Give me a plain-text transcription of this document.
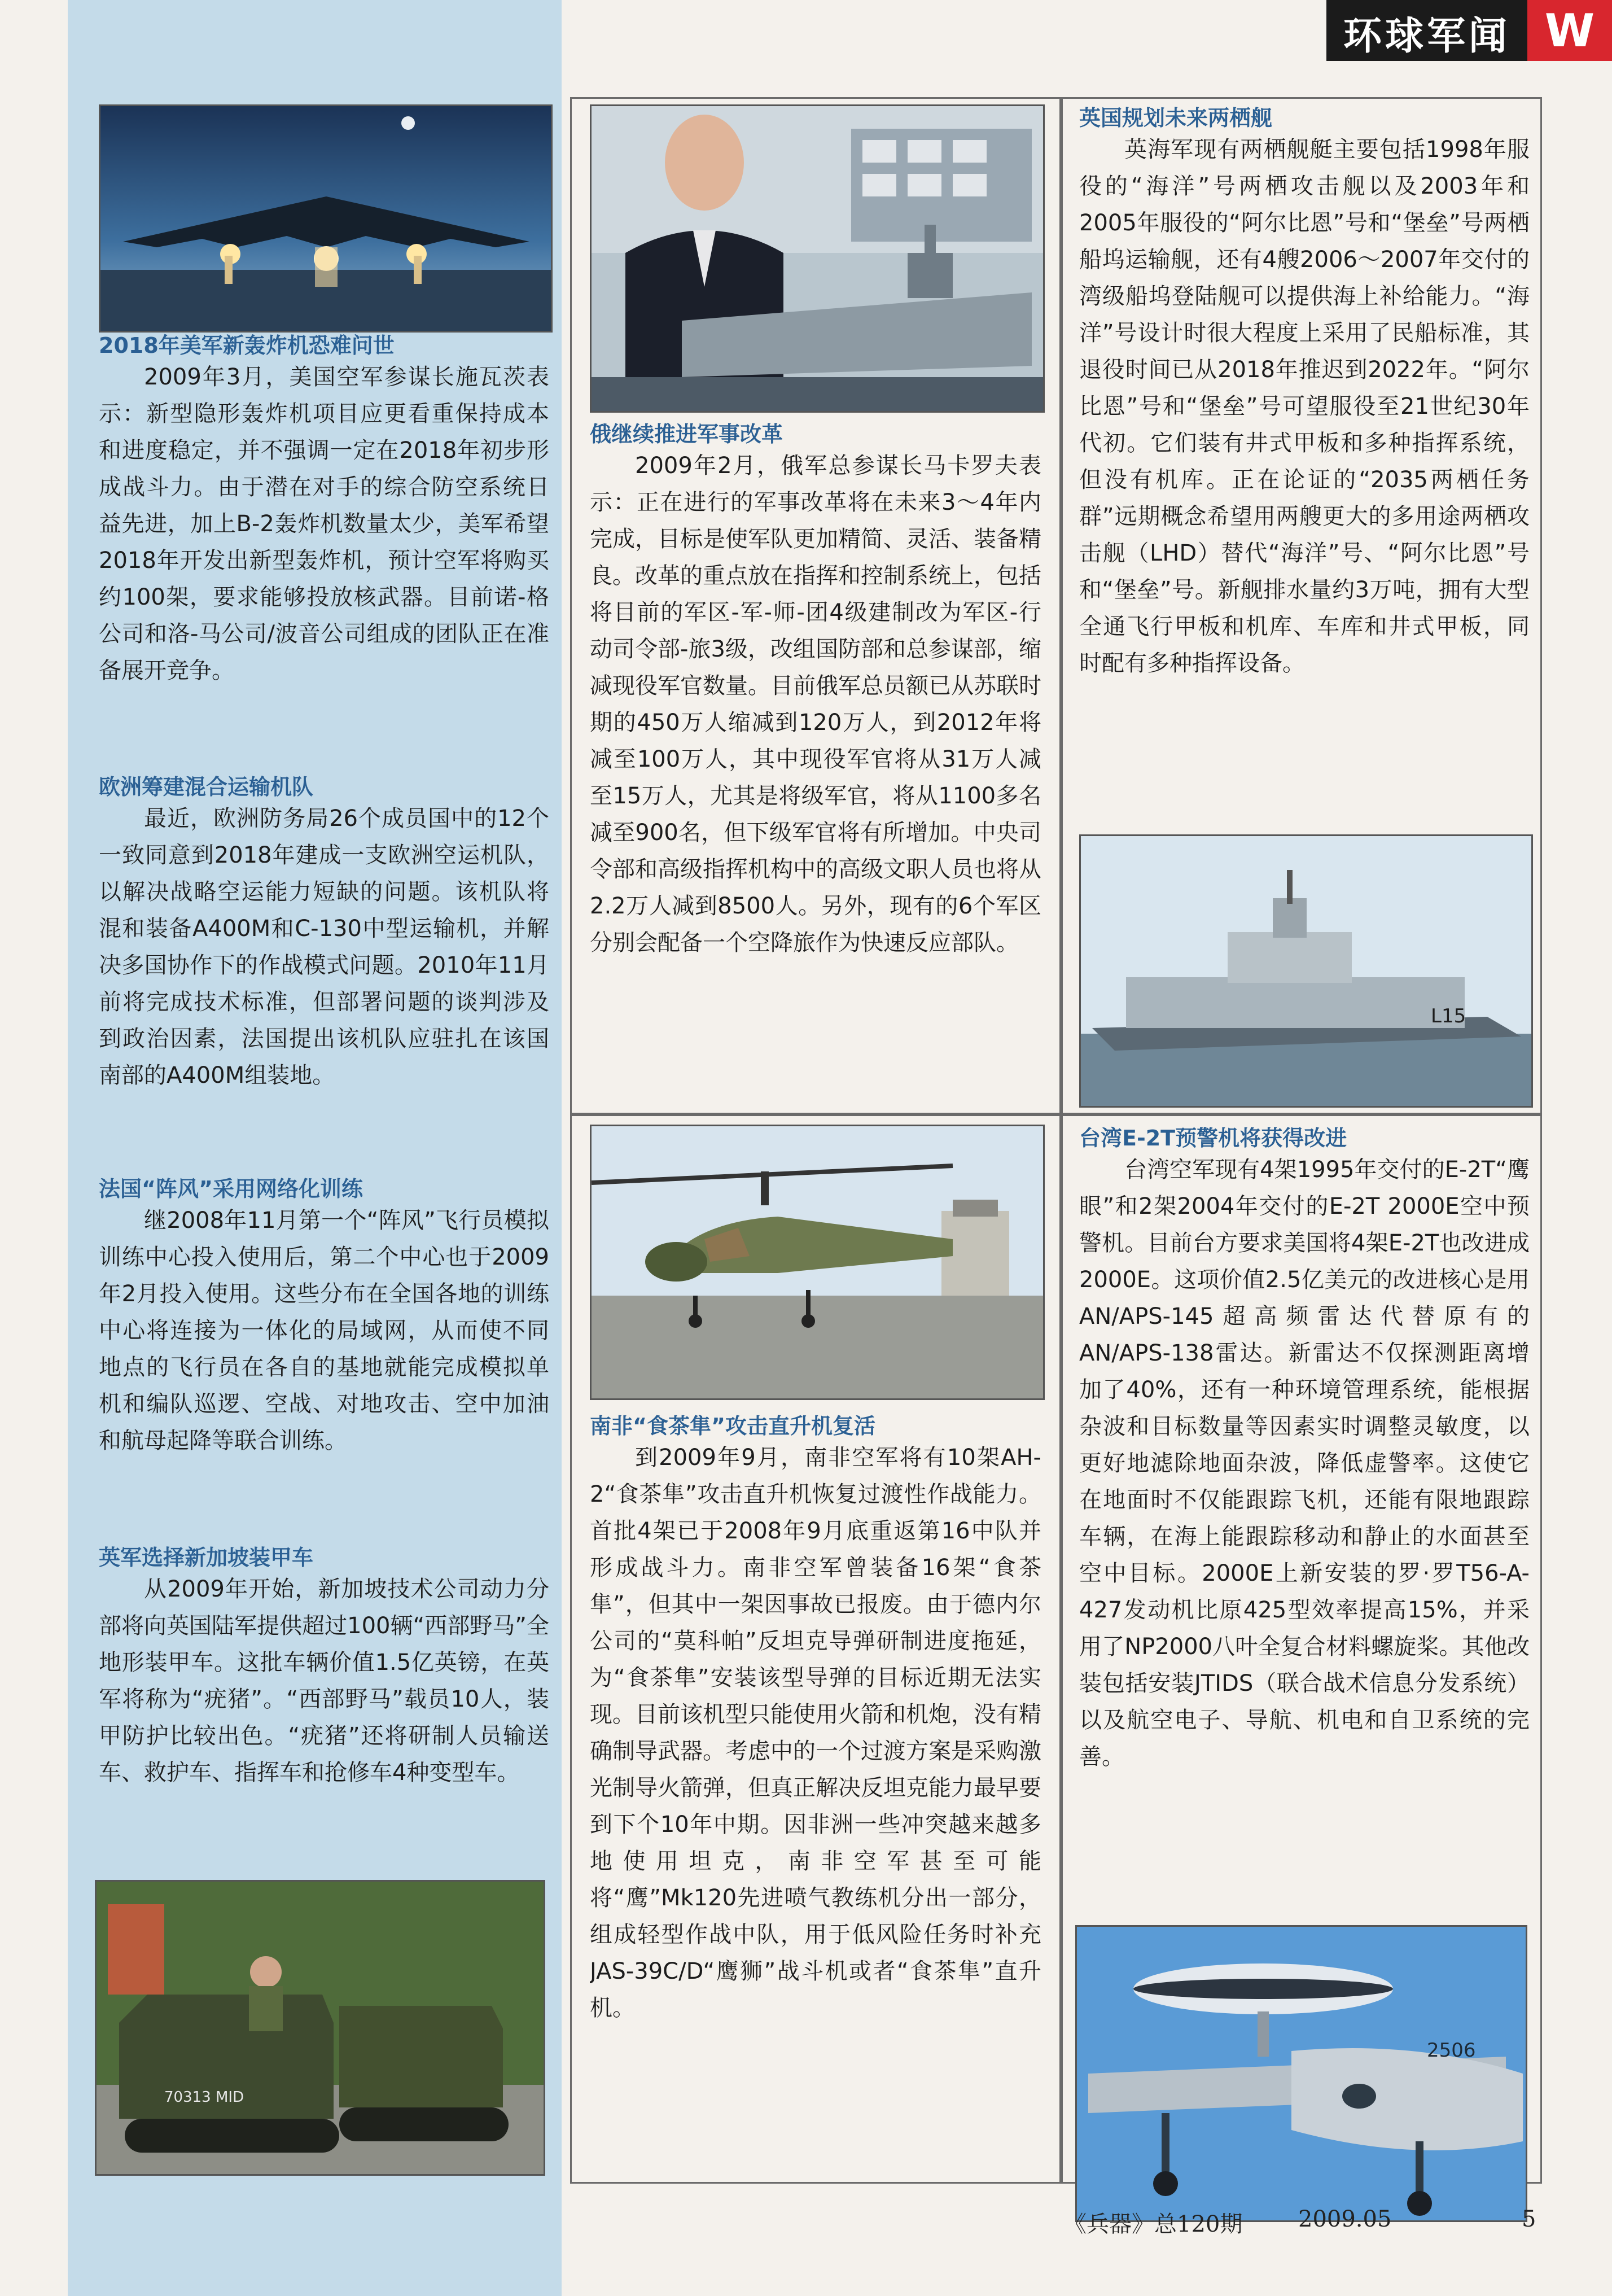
环球军闻 W
L15
70313 MID
2506
2018年美军新轰炸机恐难问世

2009年3月，美国空军参谋长施瓦茨表示：新型隐形轰炸机项目应更看重保持成本和进度稳定，并不强调一定在2018年初步形成战斗力。由于潜在对手的综合防空系统日益先进，加上B-2轰炸机数量太少，美军希望2018年开发出新型轰炸机，预计空军将购买约100架，要求能够投放核武器。目前诺-格公司和洛-马公司/波音公司组成的团队正在准备展开竞争。

欧洲筹建混合运输机队

最近，欧洲防务局26个成员国中的12个一致同意到2018年建成一支欧洲空运机队，以解决战略空运能力短缺的问题。该机队将混和装备A400M和C-130中型运输机，并解决多国协作下的作战模式问题。2010年11月前将完成技术标准，但部署问题的谈判涉及到政治因素，法国提出该机队应驻扎在该国南部的A400M组装地。

法国“阵风”采用网络化训练

继2008年11月第一个“阵风”飞行员模拟训练中心投入使用后，第二个中心也于2009年2月投入使用。这些分布在全国各地的训练中心将连接为一体化的局域网，从而使不同地点的飞行员在各自的基地就能完成模拟单机和编队巡逻、空战、对地攻击、空中加油和航母起降等联合训练。

英军选择新加坡装甲车

从2009年开始，新加坡技术公司动力分部将向英国陆军提供超过100辆“西部野马”全地形装甲车。这批车辆价值1.5亿英镑，在英军将称为“疣猪”。“西部野马”载员10人，装甲防护比较出色。“疣猪”还将研制人员输送车、救护车、指挥车和抢修车4种变型车。

俄继续推进军事改革

2009年2月，俄军总参谋长马卡罗夫表示：正在进行的军事改革将在未来3～4年内完成，目标是使军队更加精简、灵活、装备精良。改革的重点放在指挥和控制系统上，包括将目前的军区-军-师-团4级建制改为军区-行动司令部-旅3级，改组国防部和总参谋部，缩减现役军官数量。目前俄军总员额已从苏联时期的450万人缩减到120万人，到2012年将减至100万人，其中现役军官将从31万人减至15万人，尤其是将级军官，将从1100多名减至900名，但下级军官将有所增加。中央司令部和高级指挥机构中的高级文职人员也将从2.2万人减到8500人。另外，现有的6个军区分别会配备一个空降旅作为快速反应部队。

南非“食茶隼”攻击直升机复活

到2009年9月，南非空军将有10架AH-2“食茶隼”攻击直升机恢复过渡性作战能力。首批4架已于2008年9月底重返第16中队并形成战斗力。南非空军曾装备16架“食茶隼”，但其中一架因事故已报废。由于德内尔公司的“莫科帕”反坦克导弹研制进度拖延，为“食茶隼”安装该型导弹的目标近期无法实现。目前该机型只能使用火箭和机炮，没有精确制导武器。考虑中的一个过渡方案是采购激光制导火箭弹，但真正解决反坦克能力最早要到下个10年中期。因非洲一些冲突越来越多地使用坦克，南非空军甚至可能将“鹰”Mk120先进喷气教练机分出一部分，组成轻型作战中队，用于低风险任务时补充JAS-39C/D“鹰狮”战斗机或者“食茶隼”直升机。

英国规划未来两栖舰

英海军现有两栖舰艇主要包括1998年服役的“海洋”号两栖攻击舰以及2003年和2005年服役的“阿尔比恩”号和“堡垒”号两栖船坞运输舰，还有4艘2006～2007年交付的湾级船坞登陆舰可以提供海上补给能力。“海洋”号设计时很大程度上采用了民船标准，其退役时间已从2018年推迟到2022年。“阿尔比恩”号和“堡垒”号可望服役至21世纪30年代初。它们装有井式甲板和多种指挥系统，但没有机库。正在论证的“2035两栖任务群”远期概念希望用两艘更大的多用途两栖攻击舰（LHD）替代“海洋”号、“阿尔比恩”号和“堡垒”号。新舰排水量约3万吨，拥有大型全通飞行甲板和机库、车库和井式甲板，同时配有多种指挥设备。

台湾E-2T预警机将获得改进

台湾空军现有4架1995年交付的E-2T“鹰眼”和2架2004年交付的E-2T 2000E空中预警机。目前台方要求美国将4架E-2T也改进成2000E。这项价值2.5亿美元的改进核心是用AN/APS-145超高频雷达代替原有的AN/APS-138雷达。新雷达不仅探测距离增加了40%，还有一种环境管理系统，能根据杂波和目标数量等因素实时调整灵敏度，以更好地滤除地面杂波，降低虚警率。这使它在地面时不仅能跟踪飞机，还能有限地跟踪车辆，在海上能跟踪移动和静止的水面甚至空中目标。2000E上新安装的罗·罗T56-A-427发动机比原425型效率提高15%，并采用了NP2000八叶全复合材料螺旋桨。其他改装包括安装JTIDS（联合战术信息分发系统）以及航空电子、导航、机电和自卫系统的完善。

《兵器》总120期 2009.05	5
